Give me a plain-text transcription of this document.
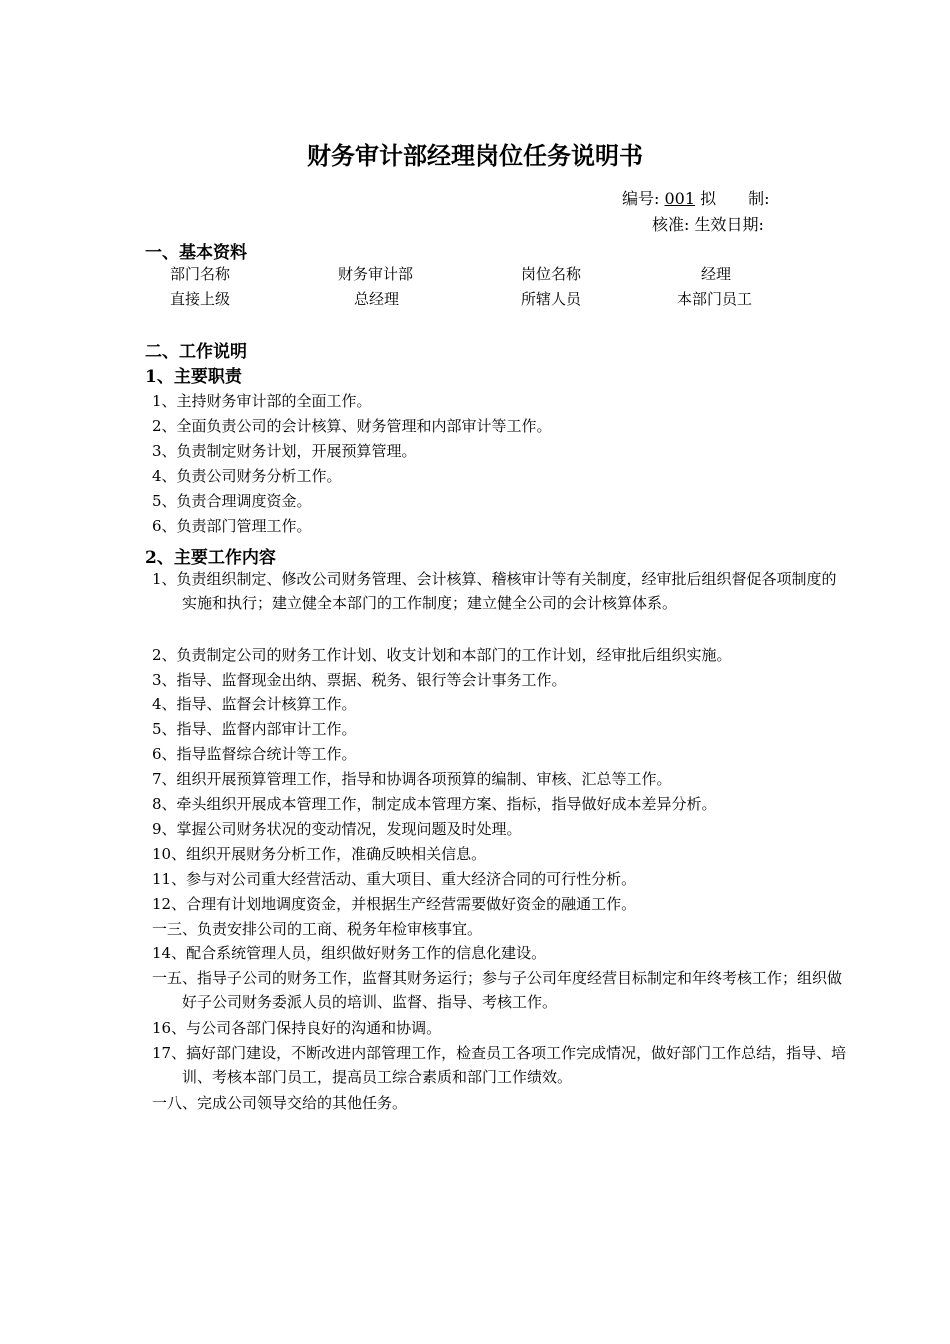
财务审计部经理岗位任务说明书
编号: 001 拟　　制:
核准: 生效日期:
一、基本资料
部门名称	财务审计部	岗位名称	经理
直接上级	总经理	所辖人员	本部门员工
二、工作说明
1、主要职责
1、主持财务审计部的全面工作。
2、全面负责公司的会计核算、财务管理和内部审计等工作。
3、负责制定财务计划，开展预算管理。
4、负责公司财务分析工作。
5、负责合理调度资金。
6、负责部门管理工作。
2、主要工作内容
1、负责组织制定、修改公司财务管理、会计核算、稽核审计等有关制度，经审批后组织督促各项制度的实施和执行；建立健全本部门的工作制度；建立健全公司的会计核算体系。
2、负责制定公司的财务工作计划、收支计划和本部门的工作计划，经审批后组织实施。
3、指导、监督现金出纳、票据、税务、银行等会计事务工作。
4、指导、监督会计核算工作。
5、指导、监督内部审计工作。
6、指导监督综合统计等工作。
7、组织开展预算管理工作，指导和协调各项预算的编制、审核、汇总等工作。
8、牵头组织开展成本管理工作，制定成本管理方案、指标，指导做好成本差异分析。
9、掌握公司财务状况的变动情况，发现问题及时处理。
10、组织开展财务分析工作，准确反映相关信息。
11、参与对公司重大经营活动、重大项目、重大经济合同的可行性分析。
12、合理有计划地调度资金，并根据生产经营需要做好资金的融通工作。
一三、负责安排公司的工商、税务年检审核事宜。
14、配合系统管理人员，组织做好财务工作的信息化建设。
一五、指导子公司的财务工作，监督其财务运行；参与子公司年度经营目标制定和年终考核工作；组织做好子公司财务委派人员的培训、监督、指导、考核工作。
16、与公司各部门保持良好的沟通和协调。
17、搞好部门建设，不断改进内部管理工作，检查员工各项工作完成情况，做好部门工作总结，指导、培训、考核本部门员工，提高员工综合素质和部门工作绩效。
一八、完成公司领导交给的其他任务。
